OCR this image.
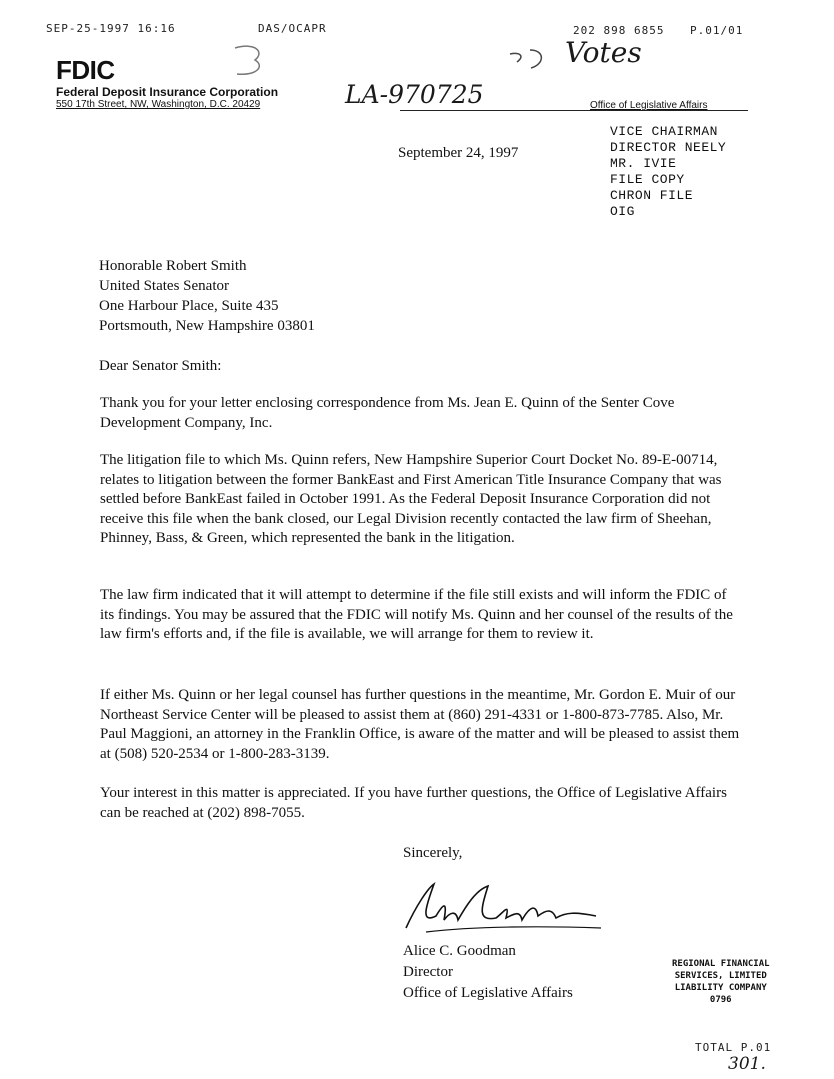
SEP-25-1997 16:16	DAS/OCAPR	202 898 6855 P.01/01
Votes
FDIC
Federal Deposit Insurance Corporation
550 17th Street, NW, Washington, D.C. 20429	LA-970725	Office of Legislative Affairs
September 24, 1997
VICE CHAIRMAN
DIRECTOR NEELY
MR. IVIE
FILE COPY
CHRON FILE
OIG
Honorable Robert Smith
United States Senator
One Harbour Place, Suite 435
Portsmouth, New Hampshire 03801
Dear Senator Smith:
Thank you for your letter enclosing correspondence from Ms. Jean E. Quinn of the Senter Cove Development Company, Inc.
The litigation file to which Ms. Quinn refers, New Hampshire Superior Court Docket No. 89-E-00714, relates to litigation between the former BankEast and First American Title Insurance Company that was settled before BankEast failed in October 1991. As the Federal Deposit Insurance Corporation did not receive this file when the bank closed, our Legal Division recently contacted the law firm of Sheehan, Phinney, Bass, & Green, which represented the bank in the litigation.
The law firm indicated that it will attempt to determine if the file still exists and will inform the FDIC of its findings. You may be assured that the FDIC will notify Ms. Quinn and her counsel of the results of the law firm's efforts and, if the file is available, we will arrange for them to review it.
If either Ms. Quinn or her legal counsel has further questions in the meantime, Mr. Gordon E. Muir of our Northeast Service Center will be pleased to assist them at (860) 291-4331 or 1-800-873-7785. Also, Mr. Paul Maggioni, an attorney in the Franklin Office, is aware of the matter and will be pleased to assist them at (508) 520-2534 or 1-800-283-3139.
Your interest in this matter is appreciated. If you have further questions, the Office of Legislative Affairs can be reached at (202) 898-7055.
Sincerely,
Alice C. Goodman
Director
Office of Legislative Affairs
REGIONAL FINANCIAL
SERVICES, LIMITED
LIABILITY COMPANY
0796
TOTAL P.01
301.
